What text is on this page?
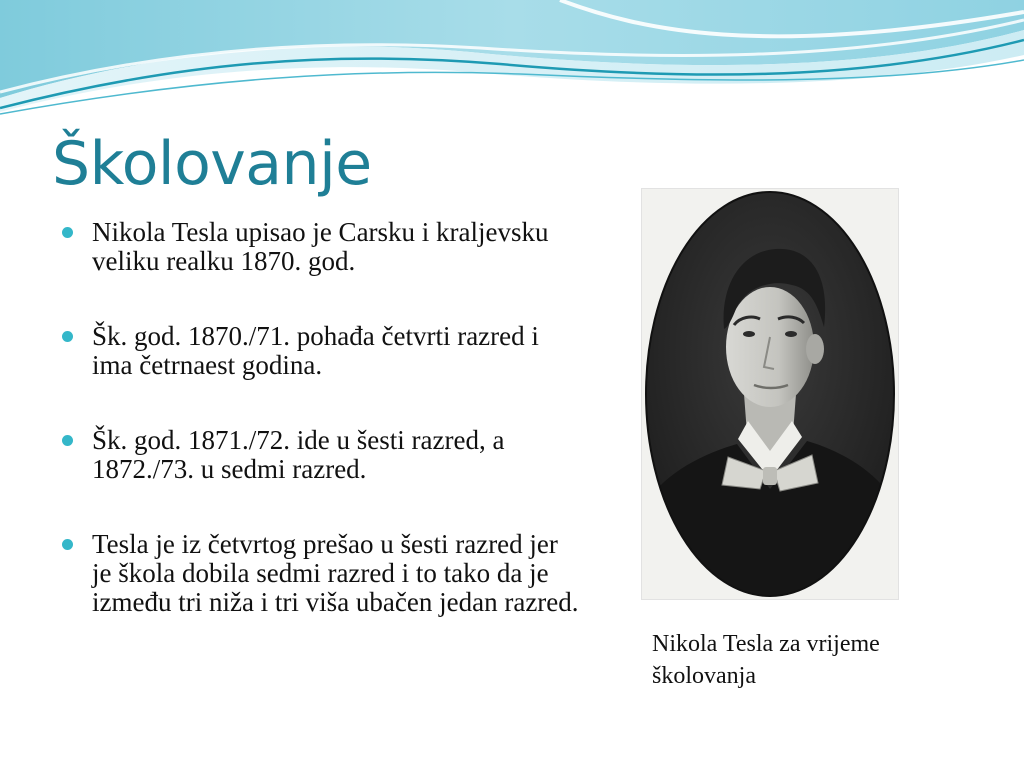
Školovanje
Nikola Tesla upisao je Carsku i kraljevsku veliku realku 1870. god.
Šk. god. 1870./71. pohađa četvrti razred i ima četrnaest godina.
Šk. god. 1871./72. ide u šesti razred, a 1872./73. u sedmi razred.
Tesla je iz četvrtog prešao u šesti razred jer je škola dobila sedmi razred i to tako da je između tri niža i tri viša ubačen jedan razred.

Nikola Tesla za vrijeme
školovanja
